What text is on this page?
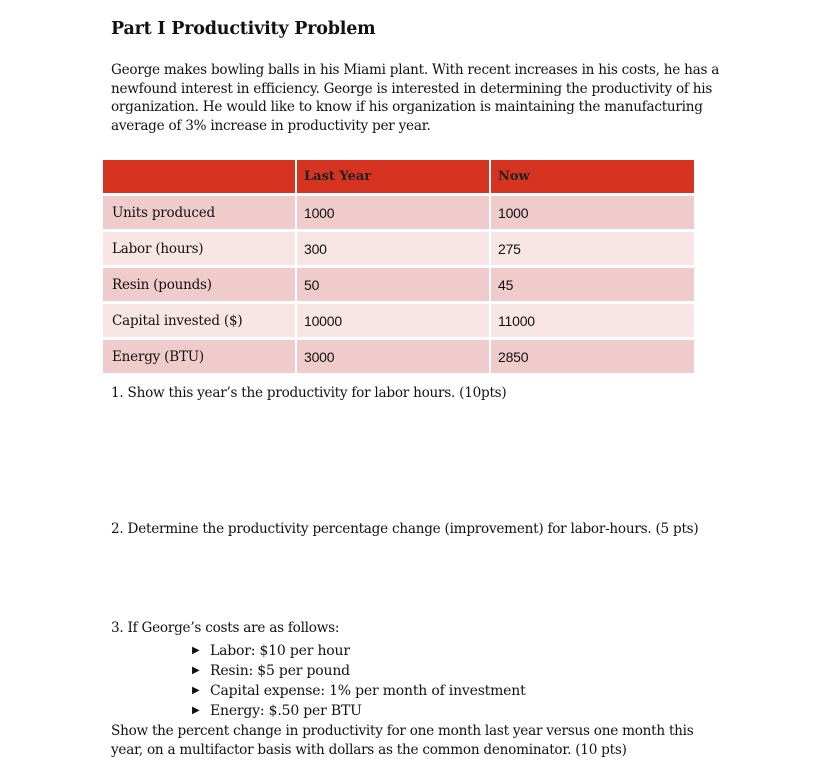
Part I Productivity Problem
George makes bowling balls in his Miami plant. With recent increases in his costs, he has a newfound interest in efficiency. George is interested in determining the productivity of his organization. He would like to know if his organization is maintaining the manufacturing average of 3% increase in productivity per year.
	Last Year	Now
Units produced	1000	1000
Labor (hours)	300	275
Resin (pounds)	50	45
Capital invested ($)	10000	11000
Energy (BTU)	3000	2850
1. Show this year’s the productivity for labor hours. (10pts)
2. Determine the productivity percentage change (improvement) for labor-hours. (5 pts)
3. If George’s costs are as follows:
▶ Labor: $10 per hour
▶ Resin: $5 per pound
▶ Capital expense: 1% per month of investment
▶ Energy: $.50 per BTU
Show the percent change in productivity for one month last year versus one month this year, on a multifactor basis with dollars as the common denominator. (10 pts)
